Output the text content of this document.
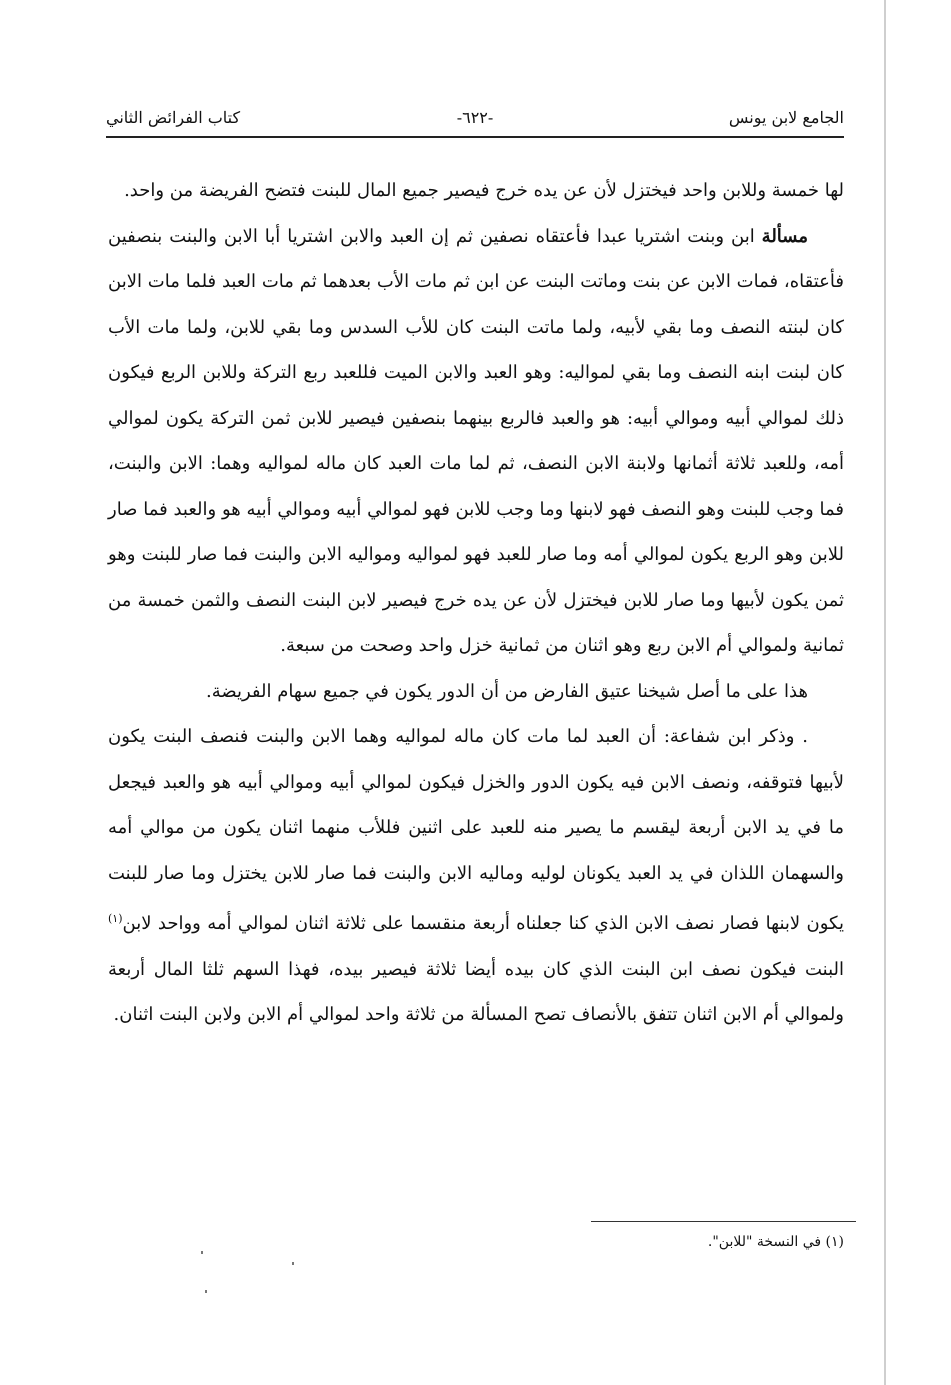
الجامع لابن يونس
-٦٢٢-
كتاب الفرائض الثاني

لها خمسة وللابن واحد فيختزل لأن عن يده خرج فيصير جميع المال للبنت فتضح الفريضة من واحد.

مسألة ابن وبنت اشتريا عبدا فأعتقاه نصفين ثم إن العبد والابن اشتريا أبا الابن والبنت بنصفين فأعتقاه، فمات الابن عن بنت وماتت البنت عن ابن ثم مات الأب بعدهما ثم مات العبد فلما مات الابن كان لبنته النصف وما بقي لأبيه، ولما ماتت البنت كان للأب السدس وما بقي للابن، ولما مات الأب كان لبنت ابنه النصف وما بقي لمواليه: وهو العبد والابن الميت فللعبد ربع التركة وللابن الربع فيكون ذلك لموالي أبيه وموالي أبيه: هو والعبد فالربع بينهما بنصفين فيصير للابن ثمن التركة يكون لموالي أمه، وللعبد ثلاثة أثمانها ولابنة الابن النصف، ثم لما مات العبد كان ماله لمواليه وهما: الابن والبنت، فما وجب للبنت وهو النصف فهو لابنها وما وجب للابن فهو لموالي أبيه وموالي أبيه هو والعبد فما صار للابن وهو الربع يكون لموالي أمه وما صار للعبد فهو لمواليه ومواليه الابن والبنت فما صار للبنت وهو ثمن يكون لأبيها وما صار للابن فيختزل لأن عن يده خرج فيصير لابن البنت النصف والثمن خمسة من ثمانية ولموالي أم الابن ربع وهو اثنان من ثمانية خزل واحد وصحت من سبعة.

هذا على ما أصل شيخنا عتيق الفارض من أن الدور يكون في جميع سهام الفريضة.

. وذكر ابن شفاعة: أن العبد لما مات كان ماله لمواليه وهما الابن والبنت فنصف البنت يكون لأبيها فتوقفه، ونصف الابن فيه يكون الدور والخزل فيكون لموالي أبيه وموالي أبيه هو والعبد فيجعل ما في يد الابن أربعة ليقسم ما يصير منه للعبد على اثنين فللأب منهما اثنان يكون من موالي أمه والسهمان اللذان في يد العبد يكونان لوليه وماليه الابن والبنت فما صار للابن يختزل وما صار للبنت يكون لابنها فصار نصف الابن الذي كنا جعلناه أربعة منقسما على ثلاثة اثنان لموالي أمه وواحد لابن$^{(١)}$ البنت فيكون نصف ابن البنت الذي كان بيده أيضا ثلاثة فيصير بيده، فهذا السهم ثلثا المال أربعة ولموالي أم الابن اثنان تتفق بالأنصاف تصح المسألة من ثلاثة واحد لموالي أم الابن ولابن البنت اثنان.

(١) في النسخة "للابن".
